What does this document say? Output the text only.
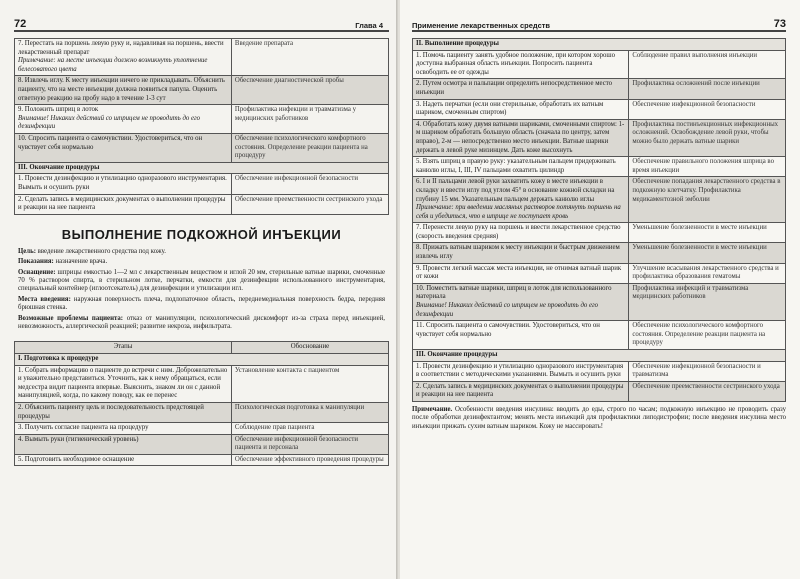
72	Глава 4
7. Перестать на поршень левую руку и, надавливая на поршень, ввести лекарственный препарат
Примечание: на месте инъекции должно возникнуть уплотнение белесоватого цвета	Введение препарата

8. Извлечь иглу. К месту инъекции ничего не прикладывать. Объяснить пациенту, что на месте инъекции должна появиться папула. Оценить ответную реакцию на пробу надо в течение 1-3 сут	Обеспечение диагностической пробы

9. Положить шприц в лоток
Внимание! Никаких действий со шприцем не проводить до его дезинфекции	Профилактика инфекции и травматизма у медицинских работников

10. Спросить пациента о самочувствии. Удостовериться, что он чувствует себя нормально	Обеспечение психологического комфортного состояния. Определение реакции пациента на процедуру
III. Окончание процедуры	

1. Провести дезинфекцию и утилизацию одноразового инструментария. Вымыть и осушить руки	Обеспечение инфекционной безопасности

2. Сделать запись в медицинских документах о выполнении процедуры и реакции на нее пациента	Обеспечение преемственности сестринского ухода
ВЫПОЛНЕНИЕ ПОДКОЖНОЙ ИНЪЕКЦИИ

Цель: введение лекарственного средства под кожу.

Показания: назначение врача.

Оснащение: шприцы емкостью 1—2 мл с лекарственным веществом и иглой 20 мм, стерильные ватные шарики, смоченные 70 % раствором спирта, в стерильном лотке, перчатки, емкости для дезинфекции использованного инструментария, специальный контейнер (иглоотсекатель) для дезинфекции и утилизации игл.

Места введения: наружная поверхность плеча, подлопаточное область, переднемедиальная поверхность бедра, передняя брюшная стенка.

Возможные проблемы пациента: отказ от манипуляции, психологический дискомфорт из-за страха перед инъекцией, невозможность, аллергической реакцией; развитие некроза, инфильтрата.

Этапы	Обоснование
I. Подготовка к процедуре	

1. Собрать информацию о пациенте до встречи с ним. Доброжелательно и уважительно представиться. Уточнить, как к нему обращаться, если медсестра видит пациента впервые. Выяснить, знаком ли он с данной манипуляцией, когда, по какому поводу, как ее перенес	Установление контакта с пациентом

2. Объяснить пациенту цель и последовательность предстоящей процедуры	Психологическая подготовка к манипуляции

3. Получить согласие пациента на процедуру	Соблюдение прав пациента

4. Вымыть руки (гигиенический уровень)	Обеспечение инфекционной безопасности пациента и персонала

5. Подготовить необходимое оснащение	Обеспечение эффективного проведения процедуры
Применение лекарственных средств	73
II. Выполнение процедуры	

1. Помочь пациенту занять удобное положение, при котором хорошо доступна выбранная область инъекции. Попросить пациента освободить ее от одежды	Соблюдение правил выполнения инъекции

2. Путем осмотра и пальпации определить непосредственное место инъекции	Профилактика осложнений после инъекции

3. Надеть перчатки (если они стерильные, обработать их ватным шариком, смоченным спиртом)	Обеспечение инфекционной безопасности

4. Обработать кожу двумя ватными шариками, смоченными спиртом: 1-м шариком обработать большую область (сначала по центру, затем вправо), 2-м — непосредственно место инъекции. Ватные шарики держать в левой руке мизинцем. Дать коже высохнуть	Профилактика постинъекционных инфекционных осложнений. Освобождение левой руки, чтобы можно было держать ватные шарики

5. Взять шприц в правую руку: указательным пальцем придерживать канюлю иглы, I, III, IV пальцами охватить цилиндр	Обеспечение правильного положения шприца во время инъекции

6. I и II пальцами левой руки захватить кожу в месте инъекции в складку и ввести иглу под углом 45° в основание кожной складки на глубину 15 мм. Указательным пальцем держать канюлю иглы
Примечание: при введении масляных растворов потянуть поршень на себя и убедиться, что в шприце не поступает кровь	Обеспечение попадания лекарственного средства в подкожную клетчатку. Профилактика медикаментозной эмболии

7. Перенести левую руку на поршень и ввести лекарственное средство (скорость введения средняя)	Уменьшение болезненности в месте инъекции

8. Прижать ватным шариком к месту инъекции и быстрым движением извлечь иглу	Уменьшение болезненности в месте инъекции

9. Провести легкий массаж места инъекции, не отнимая ватный шарик от кожи	Улучшение всасывания лекарственного средства и профилактика образования гематомы

10. Поместить ватные шарики, шприц в лоток для использованного материала
Внимание! Никаких действий со шприцем не проводить до его дезинфекции	Профилактика инфекций и травматизма медицинских работников

11. Спросить пациента о самочувствии. Удостовериться, что он чувствует себя нормально	Обеспечение психологического комфортного состояния. Определение реакции пациента на процедуру
III. Окончание процедуры	

1. Провести дезинфекцию и утилизацию одноразового инструментария в соответствии с методическими указаниями. Вымыть и осушить руки	Обеспечение инфекционной безопасности и травматизма

2. Сделать запись в медицинских документах о выполнении процедуры и реакции на нее пациента	Обеспечение преемственности сестринского ухода
Примечание. Особенности введения инсулина: вводить до еды, строго по часам; подкожную инъекцию не проводить сразу после обработки дезинфектантом; менять места инъекций для профилактики липодистрофии; после введения инсулина место инъекции прижать сухим ватным шариком. Кожу не массировать!
